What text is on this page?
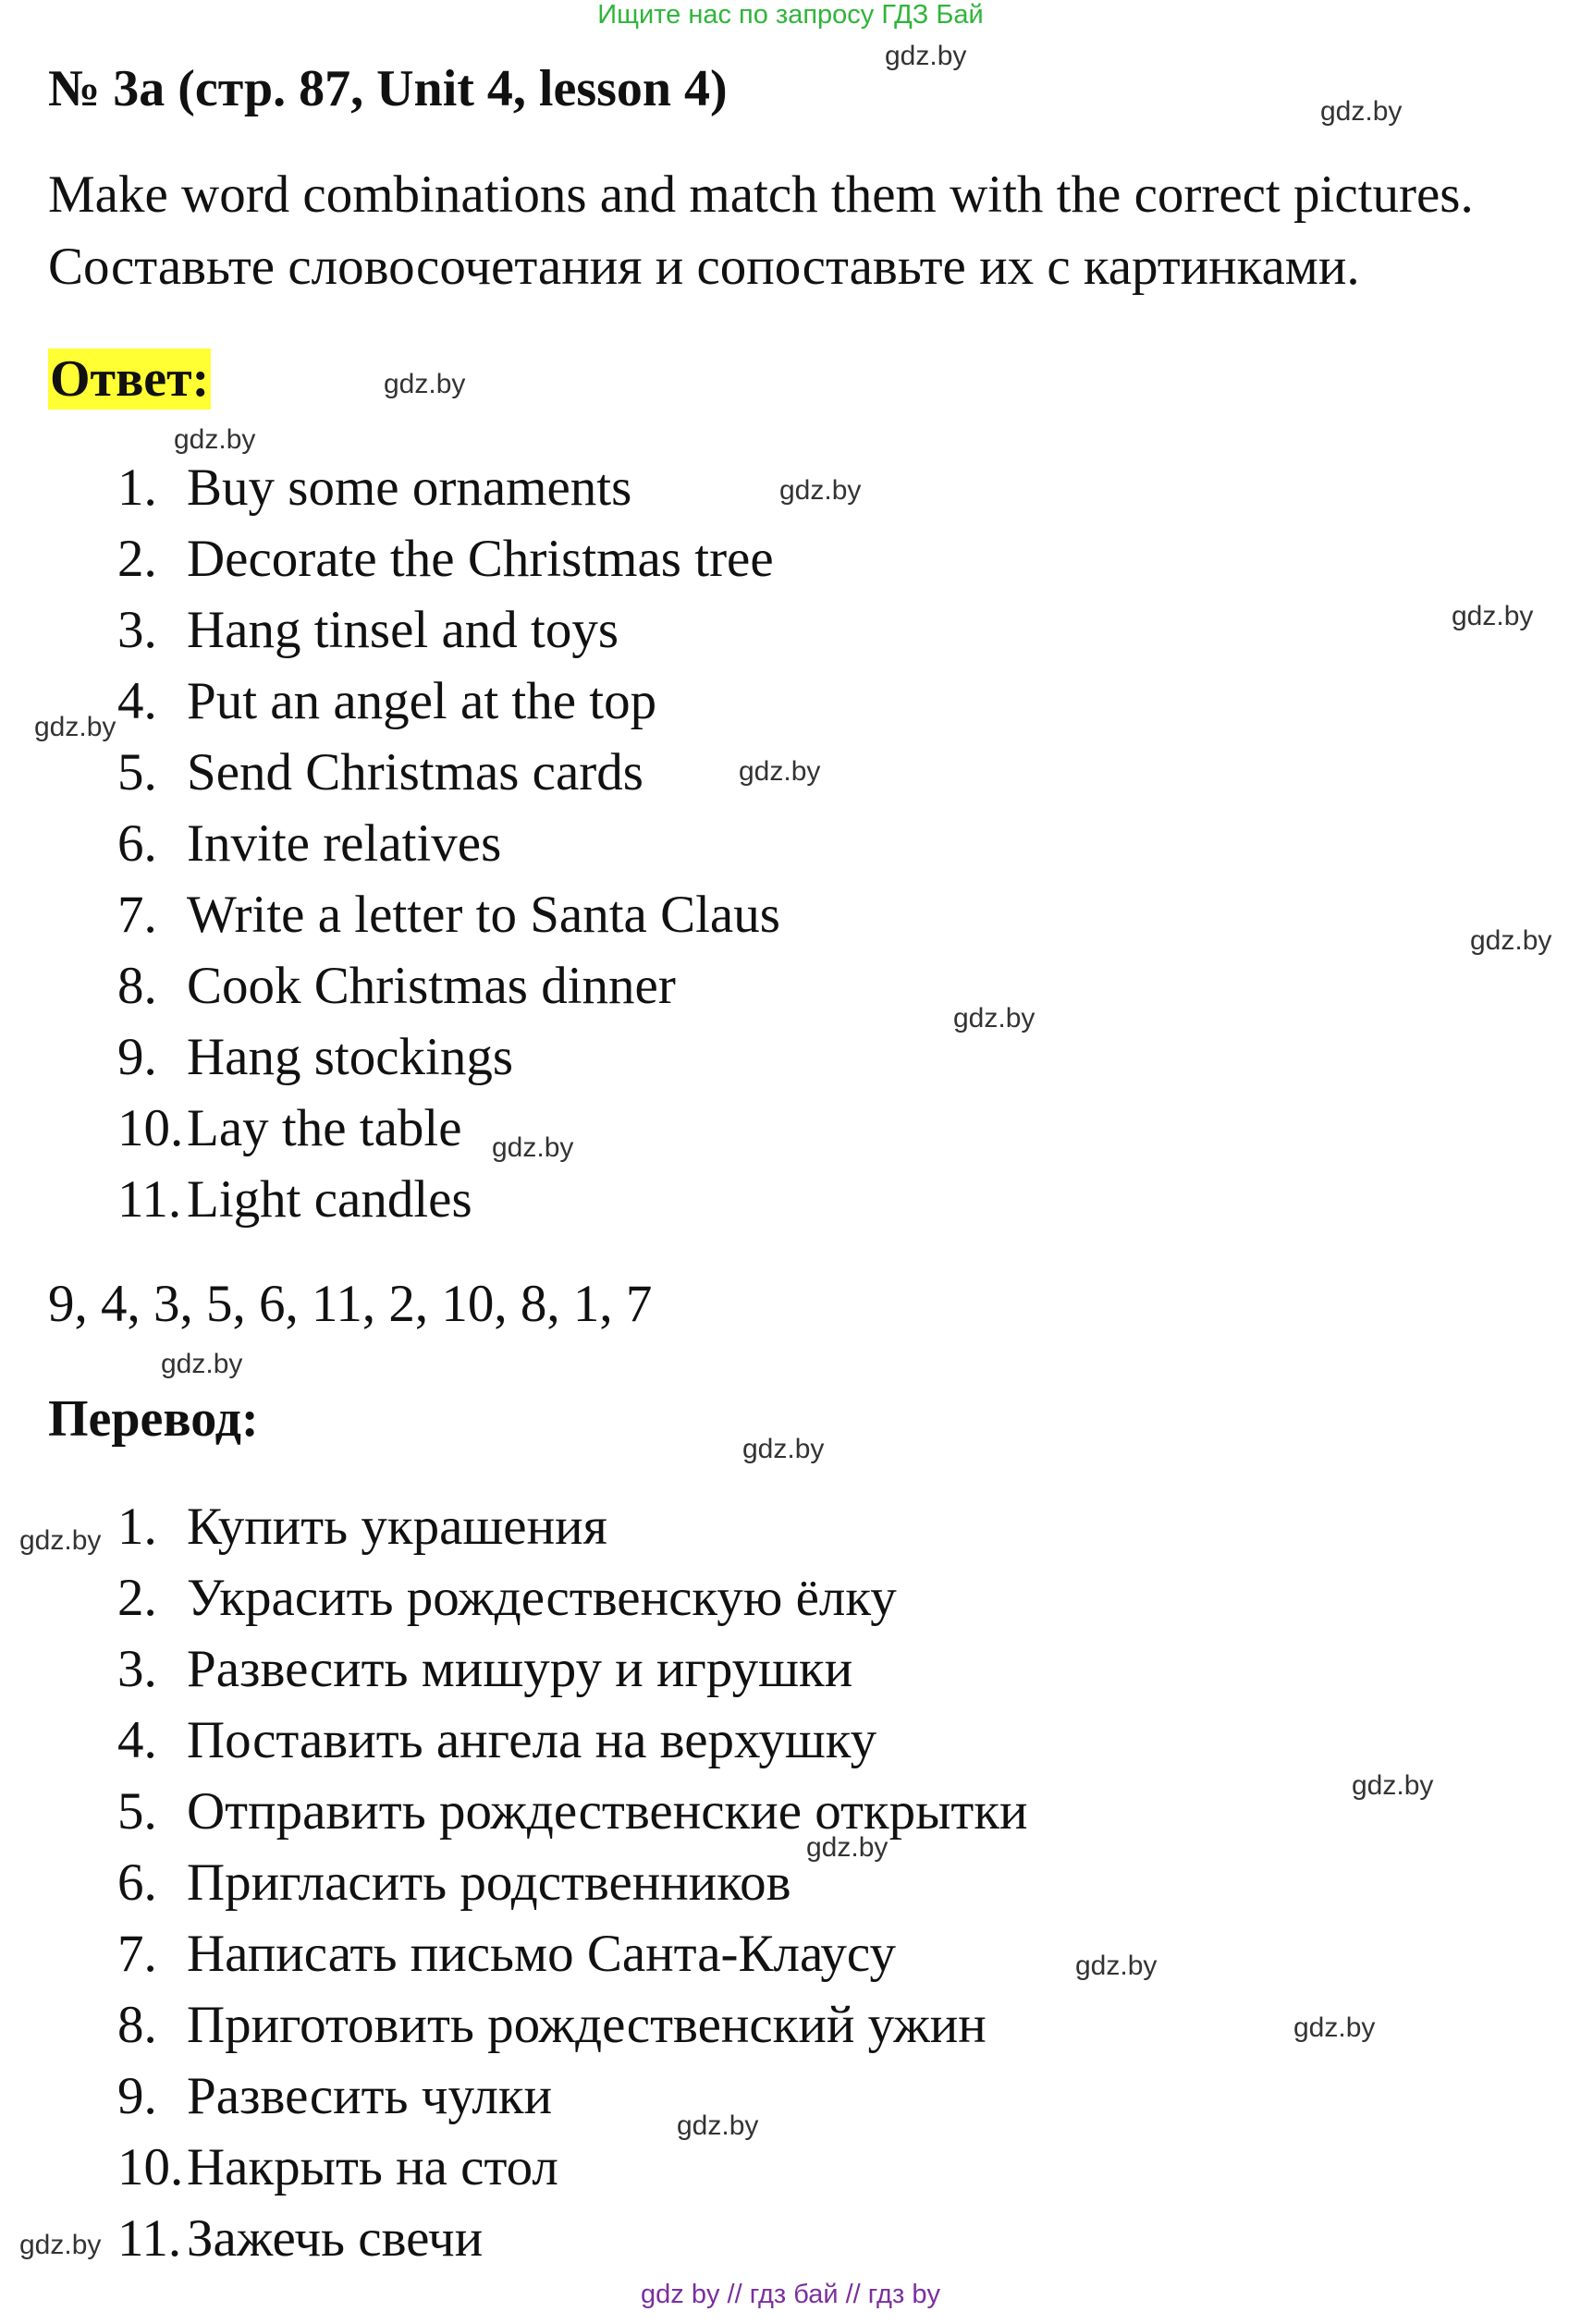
Ищите нас по запросу ГДЗ Бай
№ 3a (стр. 87, Unit 4, lesson 4)
Make word combinations and match them with the correct pictures.
Составьте словосочетания и сопоставьте их с картинками.
Ответ:
1. Buy some ornaments
2. Decorate the Christmas tree
3. Hang tinsel and toys
4. Put an angel at the top
5. Send Christmas cards
6. Invite relatives
7. Write a letter to Santa Claus
8. Cook Christmas dinner
9. Hang stockings
10.Lay the table
11. Light candles
9, 4, 3, 5, 6, 11, 2, 10, 8, 1, 7
Перевод:
1. Купить украшения
2. Украсить рождественскую ёлку
3. Развесить мишуру и игрушки
4. Поставить ангела на верхушку
5. Отправить рождественские открытки
6. Пригласить родственников
7. Написать письмо Санта-Клаусу
8. Приготовить рождественский ужин
9. Развесить чулки
10.Накрыть на стол
11. Зажечь свечи
gdz.by
gdz.by
gdz.by
gdz.by
gdz.by
gdz.by
gdz.by
gdz.by
gdz.by
gdz.by
gdz.by
gdz.by
gdz.by
gdz.by
gdz.by
gdz.by
gdz.by
gdz.by
gdz.by
gdz.by
gdz by // гдз бай // гдз by
